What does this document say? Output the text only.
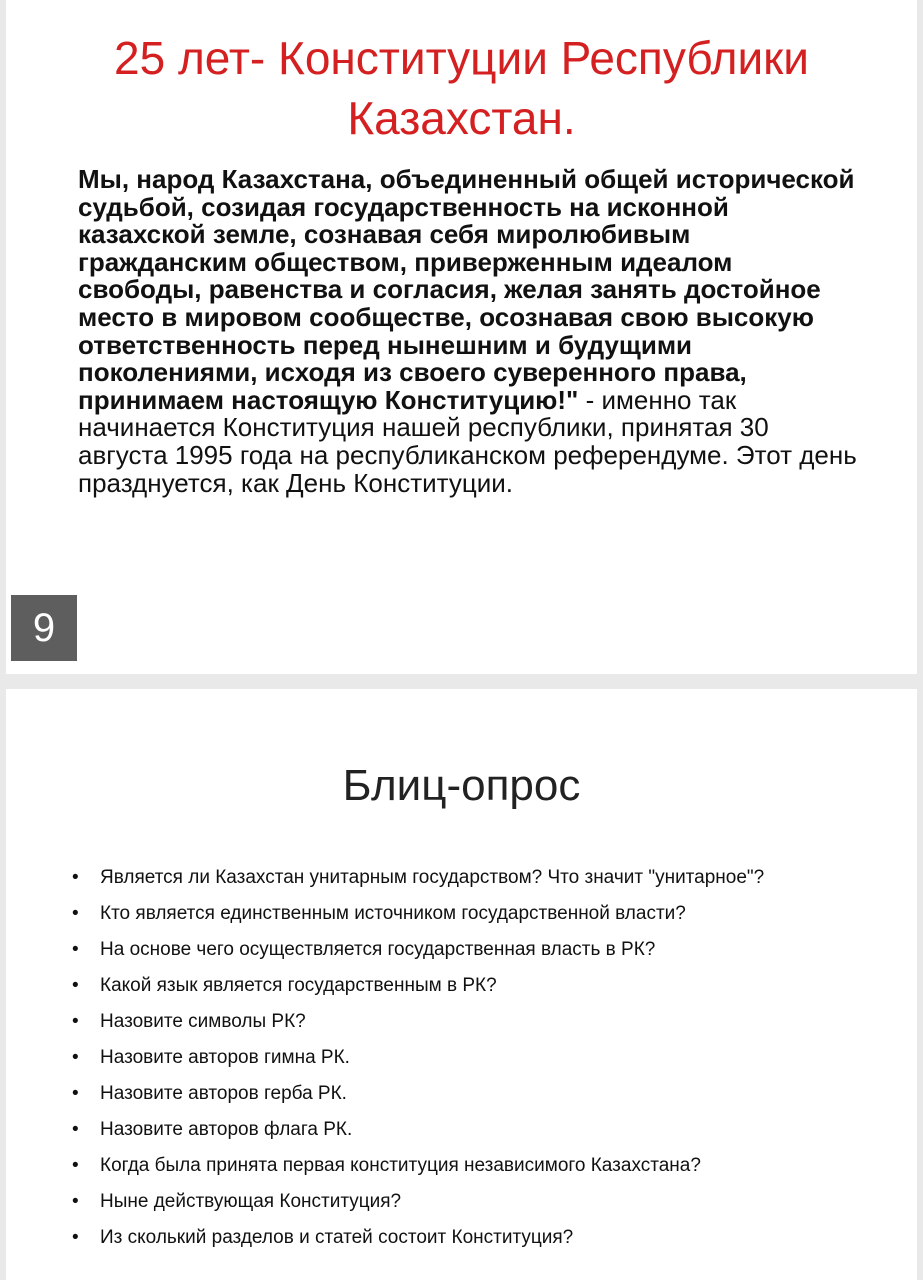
25 лет- Конституции Республики Казахстан.

Мы, народ Казахстана, объединенный общей исторической судьбой, созидая государственность на исконной казахской земле, сознавая себя миролюбивым гражданским обществом, приверженным идеалом свободы, равенства и согласия, желая занять достойное место в мировом сообществе, осознавая свою высокую ответственность перед нынешним и будущими поколениями, исходя из своего суверенного права, принимаем настоящую Конституцию!" - именно так начинается Конституция нашей республики, принятая 30 августа 1995 года на республиканском референдуме. Этот день празднуется, как День Конституции.

9
Блиц-опрос
•	Является ли Казахстан унитарным государством? Что значит "унитарное"?
•	Кто является единственным источником государственной власти?
•	На основе чего осуществляется государственная власть в РК?
•	Какой язык является государственным в РК?
•	Назовите символы РК?
•	Назовите авторов гимна РК.
•	Назовите авторов герба РК.
•	Назовите авторов флага РК.
•	Когда была принята первая конституция независимого Казахстана?
•	Ныне действующая Конституция?
•	Из сколький разделов и статей состоит Конституция?
